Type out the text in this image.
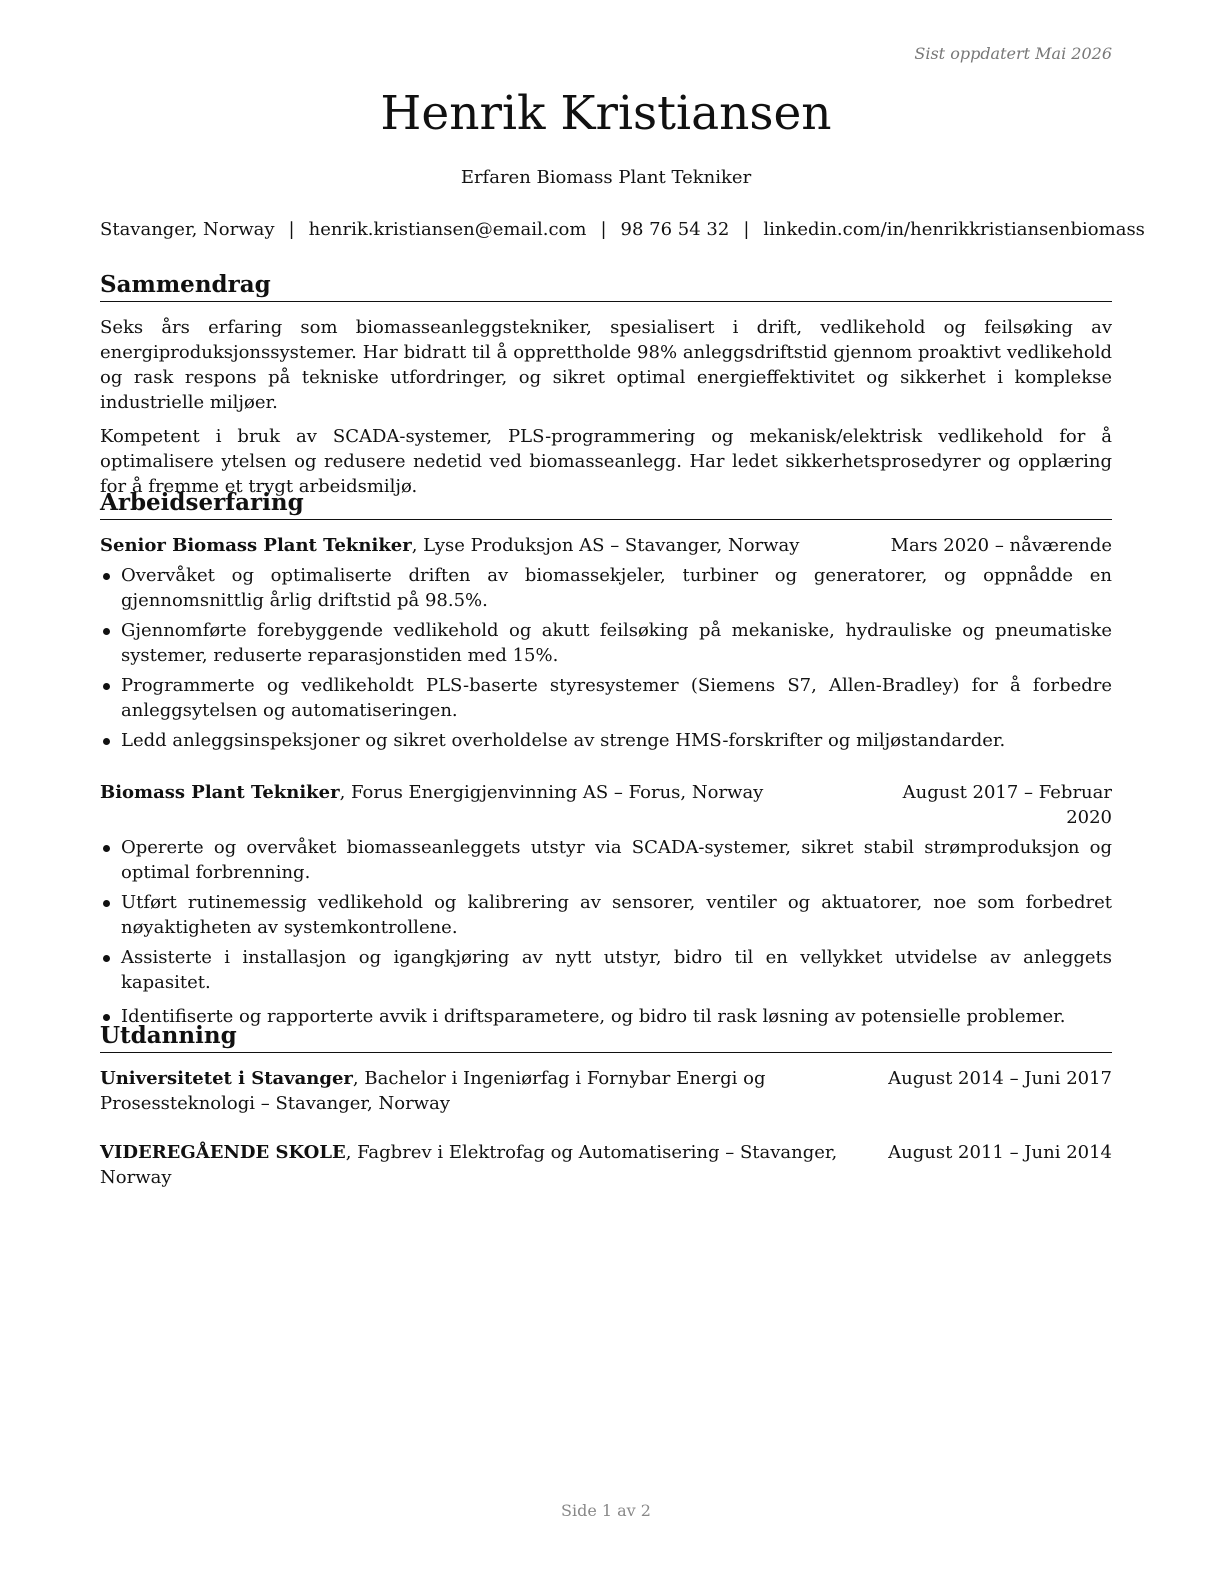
Sist oppdatert Mai 2026
Henrik Kristiansen
Erfaren Biomass Plant Tekniker
Stavanger, Norway | henrik.kristiansen@email.com | 98 76 54 32 | linkedin.com/in/henrikkristiansenbiomass
Sammendrag

Seks års erfaring som biomasseanleggstekniker, spesialisert i drift, vedlikehold og feilsøking av energiproduksjonssystemer. Har bidratt til å opprettholde 98% anleggsdriftstid gjennom proaktivt vedlikehold og rask respons på tekniske utfordringer, og sikret optimal energieffektivitet og sikkerhet i komplekse industrielle miljøer.

Kompetent i bruk av SCADA-systemer, PLS-programmering og mekanisk/elektrisk vedlikehold for å optimalisere ytelsen og redusere nedetid ved biomasseanlegg. Har ledet sikkerhetsprosedyrer og opplæring for å fremme et trygt arbeidsmiljø.

Arbeidserfaring
Senior Biomass Plant Tekniker, Lyse Produksjon AS – Stavanger, Norway	Mars 2020 – nåværende
Overvåket og optimaliserte driften av biomassekjeler, turbiner og generatorer, og oppnådde en gjennomsnittlig årlig driftstid på 98.5%.
Gjennomførte forebyggende vedlikehold og akutt feilsøking på mekaniske, hydrauliske og pneumatiske systemer, reduserte reparasjonstiden med 15%.
Programmerte og vedlikeholdt PLS-baserte styresystemer (Siemens S7, Allen-Bradley) for å forbedre anleggsytelsen og automatiseringen.
Ledd anleggsinspeksjoner og sikret overholdelse av strenge HMS-forskrifter og miljøstandarder.
Biomass Plant Tekniker, Forus Energigjenvinning AS – Forus, Norway	August 2017 – Februar 2020
Opererte og overvåket biomasseanleggets utstyr via SCADA-systemer, sikret stabil strømproduksjon og optimal forbrenning.
Utført rutinemessig vedlikehold og kalibrering av sensorer, ventiler og aktuatorer, noe som forbedret nøyaktigheten av systemkontrollene.
Assisterte i installasjon og igangkjøring av nytt utstyr, bidro til en vellykket utvidelse av anleggets kapasitet.
Identifiserte og rapporterte avvik i driftsparametere, og bidro til rask løsning av potensielle problemer.
Utdanning
Universitetet i Stavanger, Bachelor i Ingeniørfag i Fornybar Energi og Prosessteknologi – Stavanger, Norway
August 2014 – Juni 2017
VIDEREGÅENDE SKOLE, Fagbrev i Elektrofag og Automatisering – Stavanger, Norway
August 2011 – Juni 2014
Side 1 av 2
